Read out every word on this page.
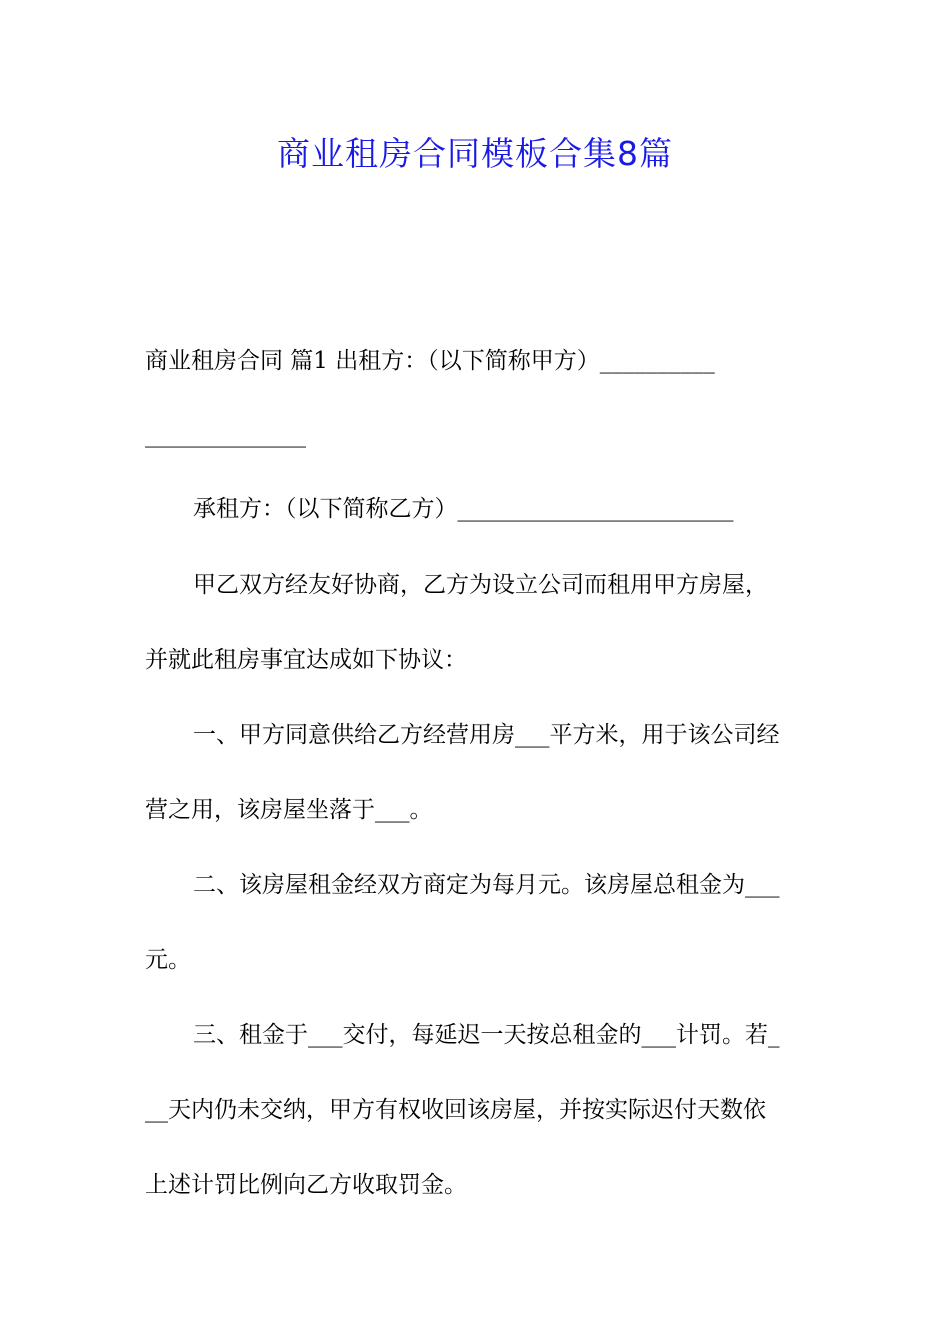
商业租房合同模板合集8篇

商业租房合同 篇1 出租方：（以下简称甲方）__________

______________

承租方：（以下简称乙方）________________________

甲乙双方经友好协商，乙方为设立公司而租用甲方房屋，

并就此租房事宜达成如下协议：

一、甲方同意供给乙方经营用房___平方米，用于该公司经

营之用，该房屋坐落于___。

二、该房屋租金经双方商定为每月元。该房屋总租金为___

元。

三、租金于___交付，每延迟一天按总租金的___计罚。若_

__天内仍未交纳，甲方有权收回该房屋，并按实际迟付天数依

上述计罚比例向乙方收取罚金。
